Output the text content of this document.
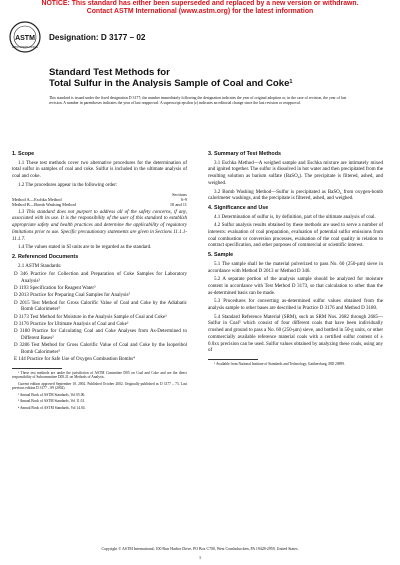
NOTICE: This standard has either been superseded and replaced by a new version or withdrawn.
Contact ASTM International (www.astm.org) for the latest information
ASTM
ASTM INTERNATIONAL
Designation: D 3177 – 02
Standard Test Methods for
Total Sulfur in the Analysis Sample of Coal and Coke$^1$
This standard is issued under the fixed designation D 3177; the number immediately following the designation indicates the year of original adoption or, in the case of revision, the year of last revision. A number in parentheses indicates the year of last reapproval. A superscript epsilon (ε) indicates an editorial change since the last revision or reapproval.
1. Scope

1.1 These test methods cover two alternative procedures for the determination of total sulfur in samples of coal and coke. Sulfur is included in the ultimate analysis of coal and coke.

1.2 The procedures appear in the following order:

Sections
Method A—Eschka Method	6-9
Method B—Bomb Washing Method	10 and 11

1.3 This standard does not purport to address all of the safety concerns, if any, associated with its use. It is the responsibility of the user of this standard to establish appropriate safety and health practices and determine the applicability of regulatory limitations prior to use. Specific precautionary statements are given in Sections 11.1.1-11.1.7.

1.4 The values stated in SI units are to be regarded as the standard.

2. Referenced Documents

2.1 ASTM Standards:

D 346 Practice for Collection and Preparation of Coke Samples for Laboratory Analysis²

D 1193 Specification for Reagent Water³

D 2013 Practice for Preparing Coal Samples for Analysis²

D 2015 Test Method for Gross Calorific Value of Coal and Coke by the Adiabatic Bomb Calorimeter²

D 3173 Test Method for Moisture in the Analysis Sample of Coal and Coke²

D 3176 Practice for Ultimate Analysis of Coal and Coke²

D 3180 Practice for Calculating Coal and Coke Analyses from As-Determined to Different Bases²

D 3286 Test Method for Gross Calorific Value of Coal and Coke by the Isoperibol Bomb Calorimeter²

E 144 Practice for Safe Use of Oxygen Combustion Bombs⁴

¹ These test methods are under the jurisdiction of ASTM Committee D05 on Coal and Coke and are the direct responsibility of Subcommittee D05.21 on Methods of Analysis.

Current edition approved September 10, 2002. Published October 2002. Originally published as D 3177 – 73. Last previous edition D 3177 – 89 (2002).

² Annual Book of ASTM Standards, Vol 05.06.

³ Annual Book of ASTM Standards, Vol 11.01.

⁴ Annual Book of ASTM Standards, Vol 14.04.

3. Summary of Test Methods

3.1 Eschka Method—A weighed sample and Eschka mixture are intimately mixed and ignited together. The sulfur is dissolved in hot water and then precipitated from the resulting solution as barium sulfate (BaSO₄). The precipitate is filtered, ashed, and weighed.

3.2 Bomb Washing Method—Sulfur is precipitated as BaSO₄ from oxygen-bomb calorimeter washings, and the precipitate is filtered, ashed, and weighed.

4. Significance and Use

4.1 Determination of sulfur is, by definition, part of the ultimate analysis of coal.

4.2 Sulfur analysis results obtained by these methods are used to serve a number of interests: evaluation of coal preparation, evaluation of potential sulfur emissions from coal combustion or conversion processes, evaluation of the coal quality in relation to contract specification, and other purposes of commercial or scientific interest.

5. Sample

5.1 The sample shall be the material pulverized to pass No. 60 (250-μm) sieve in accordance with Method D 2013 or Method D 346.

5.2 A separate portion of the analysis sample should be analyzed for moisture content in accordance with Test Method D 3173, so that calculation to other than the as-determined basis can be made.

5.3 Procedures for converting as-determined sulfur values obtained from the analysis sample to other bases are described in Practice D 3176 and Method D 3180.

5.4 Standard Reference Material (SRM), such as SRM Nos. 2682 through 2685—Sulfur in Coal⁵ which consist of four different coals that have been individually crushed and ground to pass a No. 60 (250-μm) sieve, and bottled in 50-g units, or other commercially available reference material coals with a certified sulfur content of ± 0.0xx precision can be used. Sulfur values obtained by analyzing these coals, using any of

⁵ Available from National Institute of Standards and Technology, Gaithersburg, MD 20899.

Copyright © ASTM International, 100 Barr Harbor Drive, PO Box C700, West Conshohocken, PA 19428-2959, United States.
1
